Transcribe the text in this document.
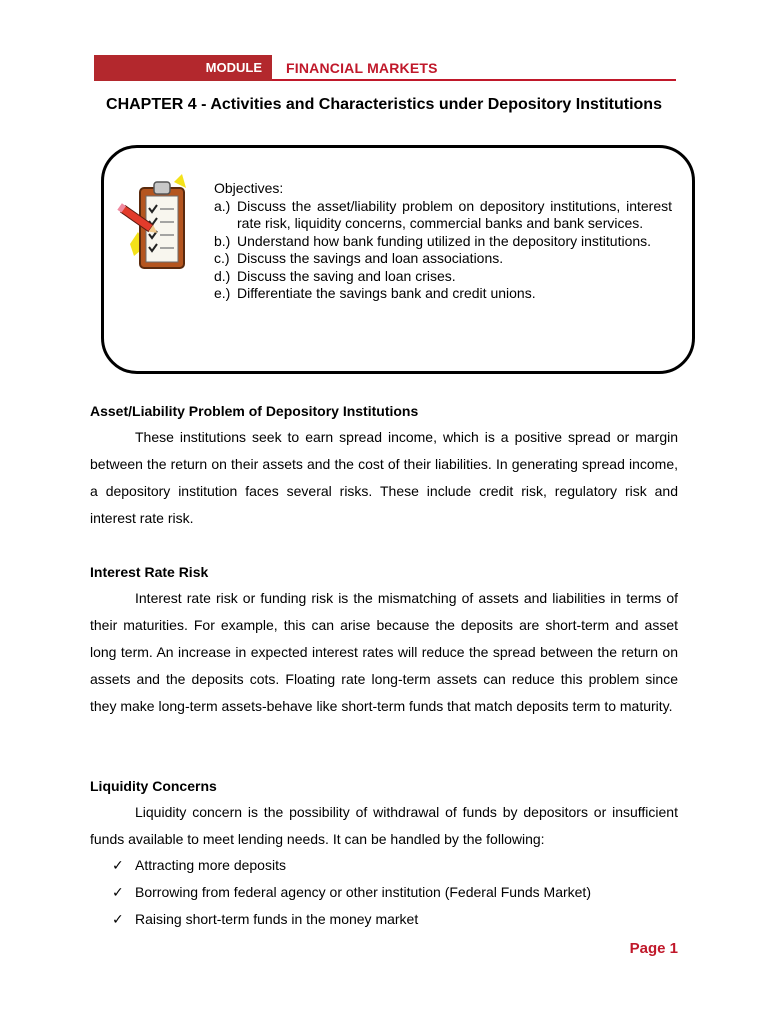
MODULE	FINANCIAL MARKETS
CHAPTER 4 - Activities and Characteristics under Depository Institutions
Objectives:
a.) Discuss the asset/liability problem on depository institutions, interest rate risk, liquidity concerns, commercial banks and bank services.
b.) Understand how bank funding utilized in the depository institutions.
c.) Discuss the savings and loan associations.
d.) Discuss the saving and loan crises.
e.) Differentiate the savings bank and credit unions.
Asset/Liability Problem of Depository Institutions

These institutions seek to earn spread income, which is a positive spread or margin between the return on their assets and the cost of their liabilities. In generating spread income, a depository institution faces several risks. These include credit risk, regulatory risk and interest rate risk.

Interest Rate Risk

Interest rate risk or funding risk is the mismatching of assets and liabilities in terms of their maturities. For example, this can arise because the deposits are short-term and asset long term. An increase in expected interest rates will reduce the spread between the return on assets and the deposits cots. Floating rate long-term assets can reduce this problem since they make long-term assets-behave like short-term funds that match deposits term to maturity.

Liquidity Concerns

Liquidity concern is the possibility of withdrawal of funds by depositors or insufficient funds available to meet lending needs. It can be handled by the following:

✓ Attracting more deposits
✓ Borrowing from federal agency or other institution (Federal Funds Market)
✓ Raising short-term funds in the money market
Page 1
